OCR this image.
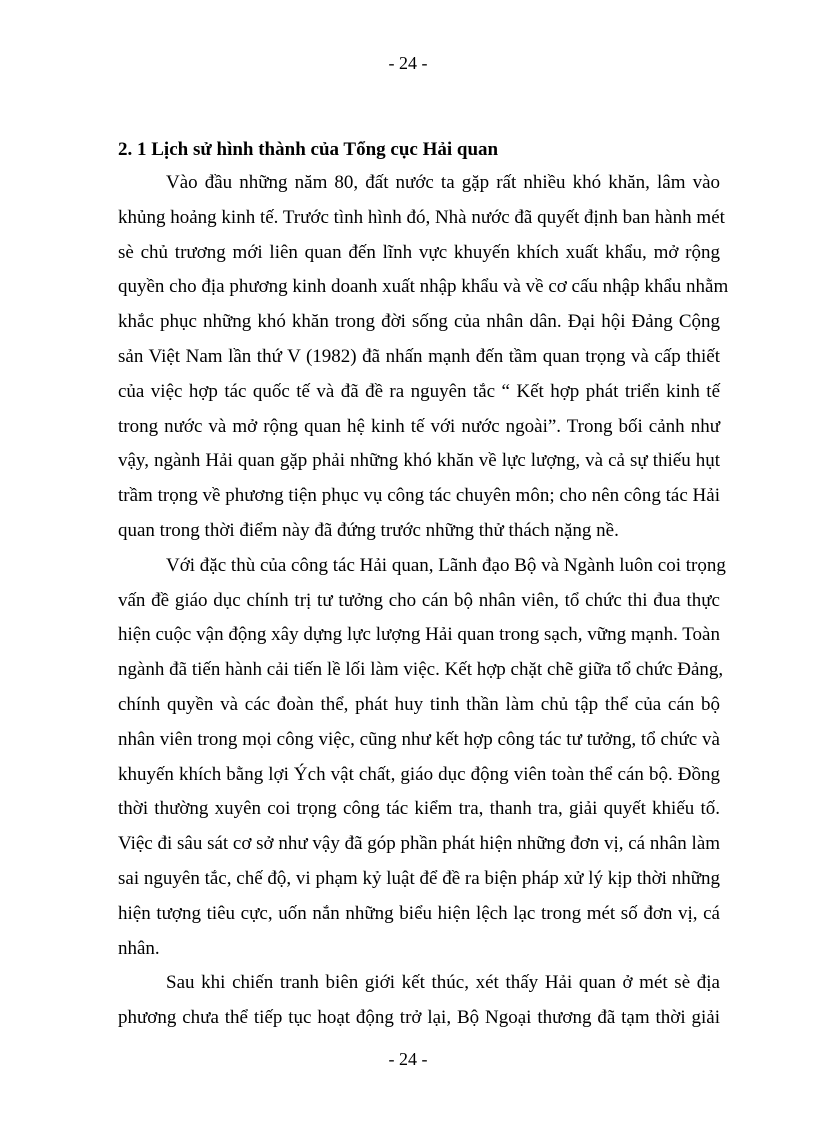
- 24 -

2. 1 Lịch sử hình thành của Tổng cục Hải quan

Vào đầu những năm 80, đất nước ta gặp rất nhiều khó khăn, lâm vào
khủng hoảng kinh tế. Trước tình hình đó, Nhà nước đã quyết định ban hành mét
sè chủ trương mới liên quan đến lĩnh vực khuyến khích xuất khẩu, mở rộng
quyền cho địa phương kinh doanh xuất nhập khẩu và về cơ cấu nhập khẩu nhằm
khắc phục những khó khăn trong đời sống của nhân dân. Đại hội Đảng Cộng
sản Việt Nam lần thứ V (1982) đã nhấn mạnh đến tầm quan trọng và cấp thiết
của việc hợp tác quốc tế và đã đề ra nguyên tắc “ Kết hợp phát triển kinh tế
trong nước và mở rộng quan hệ kinh tế với nước ngoài”. Trong bối cảnh như
vậy, ngành Hải quan gặp phải những khó khăn về lực lượng, và cả sự thiếu hụt
trầm trọng về phương tiện phục vụ công tác chuyên môn; cho nên công tác Hải
quan trong thời điểm này đã đứng trước những thử thách nặng nề.
Với đặc thù của công tác Hải quan, Lãnh đạo Bộ và Ngành luôn coi trọng
vấn đề giáo dục chính trị tư tưởng cho cán bộ nhân viên, tổ chức thi đua thực
hiện cuộc vận động xây dựng lực lượng Hải quan trong sạch, vững mạnh. Toàn
ngành đã tiến hành cải tiến lề lối làm việc. Kết hợp chặt chẽ giữa tổ chức Đảng,
chính quyền và các đoàn thể, phát huy tinh thần làm chủ tập thể của cán bộ
nhân viên trong mọi công việc, cũng như kết hợp công tác tư tưởng, tổ chức và
khuyến khích bằng lợi Ých vật chất, giáo dục động viên toàn thể cán bộ. Đồng
thời thường xuyên coi trọng công tác kiểm tra, thanh tra, giải quyết khiếu tố.
Việc đi sâu sát cơ sở như vậy đã góp phần phát hiện những đơn vị, cá nhân làm
sai nguyên tắc, chế độ, vi phạm kỷ luật để đề ra biện pháp xử lý kịp thời những
hiện tượng tiêu cực, uốn nắn những biểu hiện lệch lạc trong mét số đơn vị, cá
nhân.
Sau khi chiến tranh biên giới kết thúc, xét thấy Hải quan ở mét sè địa
phương chưa thể tiếp tục hoạt động trở lại, Bộ Ngoại thương đã tạm thời giải
- 24 -
